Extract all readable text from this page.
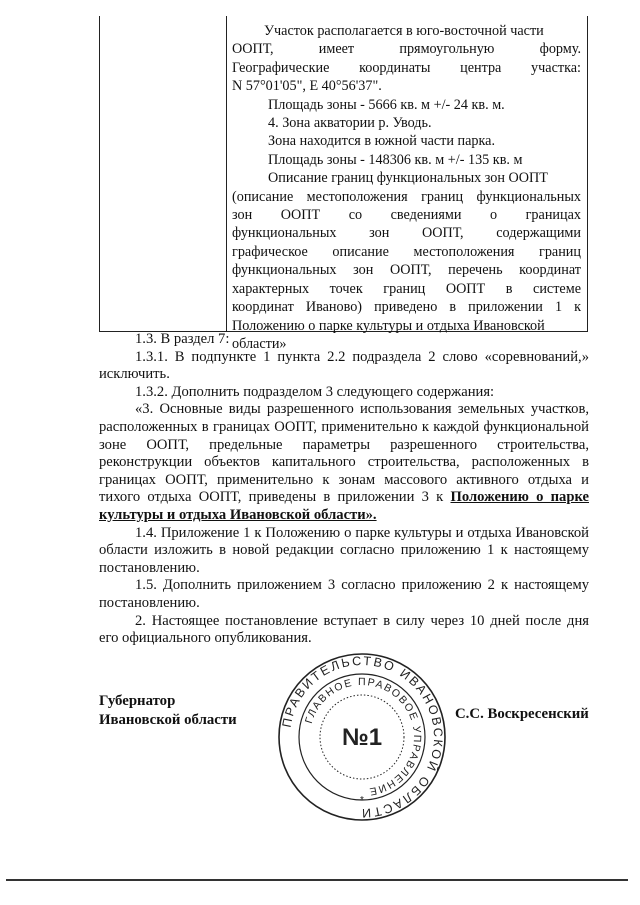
Участок располагается в юго-восточной части

ООПТ, имеет прямоугольную форму.

Географические координаты центра участка:

N 57°01'05", E 40°56'37".

Площадь зоны - 5666 кв. м +/- 24 кв. м.

4. Зона акватории р. Уводь.

Зона находится в южной части парка.

Площадь зоны - 148306 кв. м +/- 135 кв. м

Описание границ функциональных зон ООПТ

(описание местоположения границ функциональных

зон ООПТ со сведениями о границах

функциональных зон ООПТ, содержащими

графическое описание местоположения границ

функциональных зон ООПТ, перечень координат

характерных точек границ ООПТ в системе

координат Иваново) приведено в приложении 1 к

Положению о парке культуры и отдыха Ивановской

области»

1.3. В раздел 7:

1.3.1. В подпункте 1 пункта 2.2 подраздела 2 слово «соревнований,» исключить.

1.3.2. Дополнить подразделом 3 следующего содержания:

«3. Основные виды разрешенного использования земельных участков, расположенных в границах ООПТ, применительно к каждой функциональной зоне ООПТ, предельные параметры разрешенного строительства, реконструкции объектов капитального строительства, расположенных в границах ООПТ, применительно к зонам массового активного отдыха и тихого отдыха ООПТ, приведены в приложении 3 к Положению о парке культуры и отдыха Ивановской области».

1.4. Приложение 1 к Положению о парке культуры и отдыха Ивановской области изложить в новой редакции согласно приложению 1 к настоящему постановлению.

1.5. Дополнить приложением 3 согласно приложению 2 к настоящему постановлению.

2. Настоящее постановление вступает в силу через 10 дней после дня его официального опубликования.

Губернатор
Ивановской области	С.С. Воскресенский
ПРАВИТЕЛЬСТВО ИВАНОВСКОЙ ОБЛАСТИ
ГЛАВНОЕ ПРАВОВОЕ УПРАВЛЕНИЕ
№1
*
